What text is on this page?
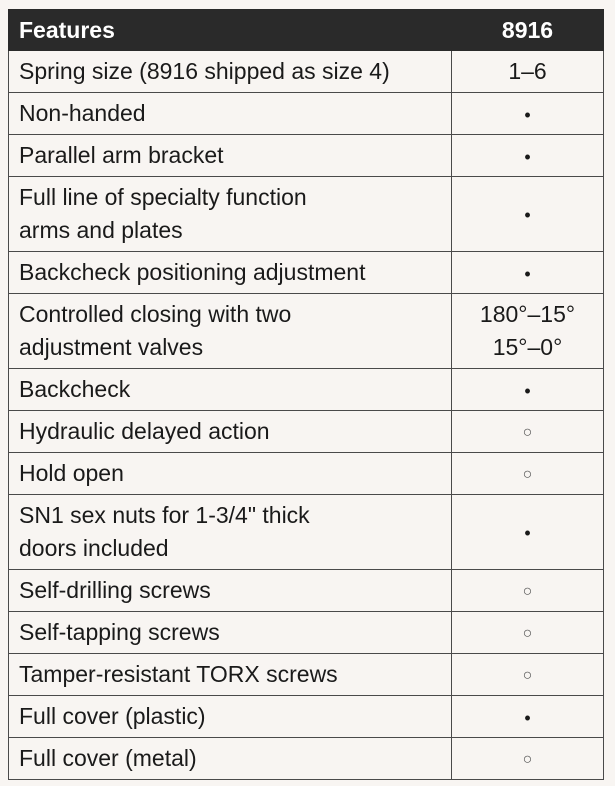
Features	8916
Spring size (8916 shipped as size 4)	1–6
Non-handed	•
Parallel arm bracket	•

Full line of specialty function
arms and plates	•
Backcheck positioning adjustment	•

Controlled closing with two
adjustment valves	180°–15°
15°–0°

Backcheck	•
Hydraulic delayed action	○
Hold open	○

SN1 sex nuts for 1-3/4" thick
doors included	•
Self-drilling screws	○
Self-tapping screws	○
Tamper-resistant TORX screws	○
Full cover (plastic)	•
Full cover (metal)	○
